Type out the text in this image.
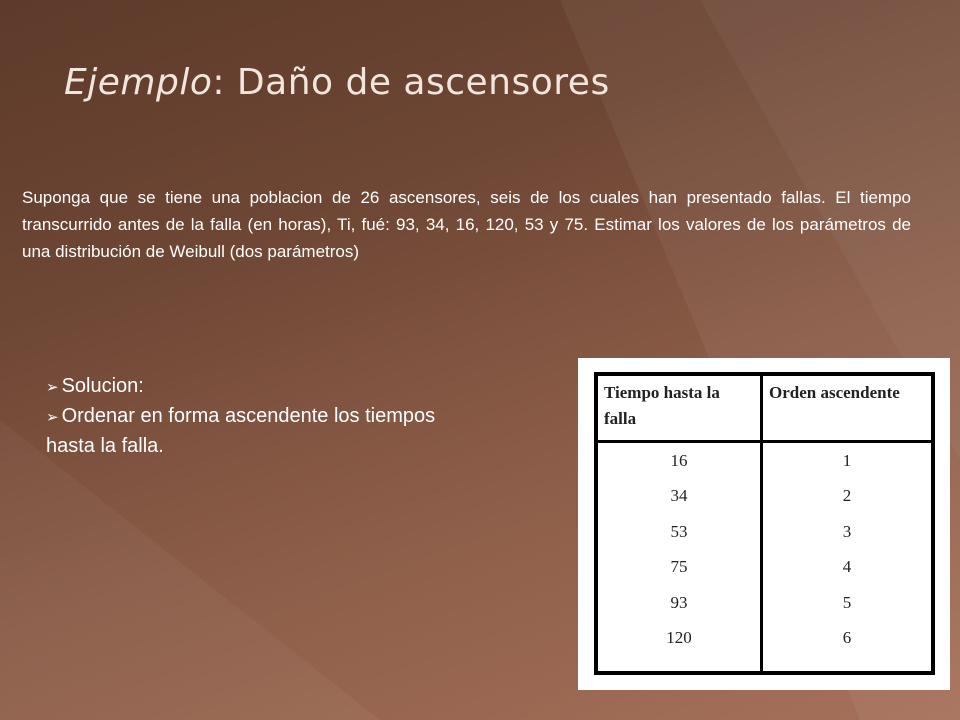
Ejemplo: Daño de ascensores

Suponga que se tiene una poblacion de 26 ascensores, seis de los cuales han presentado fallas. El tiempo transcurrido antes de la falla (en horas), Ti, fué: 93, 34, 16, 120, 53 y 75. Estimar los valores de los parámetros de una distribución de Weibull (dos parámetros)

➢ Solucion:
➢ Ordenar en forma ascendente los tiempos hasta la falla.
Tiempo hasta la falla	Orden ascendente
16	1
34	2
53	3
75	4
93	5
120	6
